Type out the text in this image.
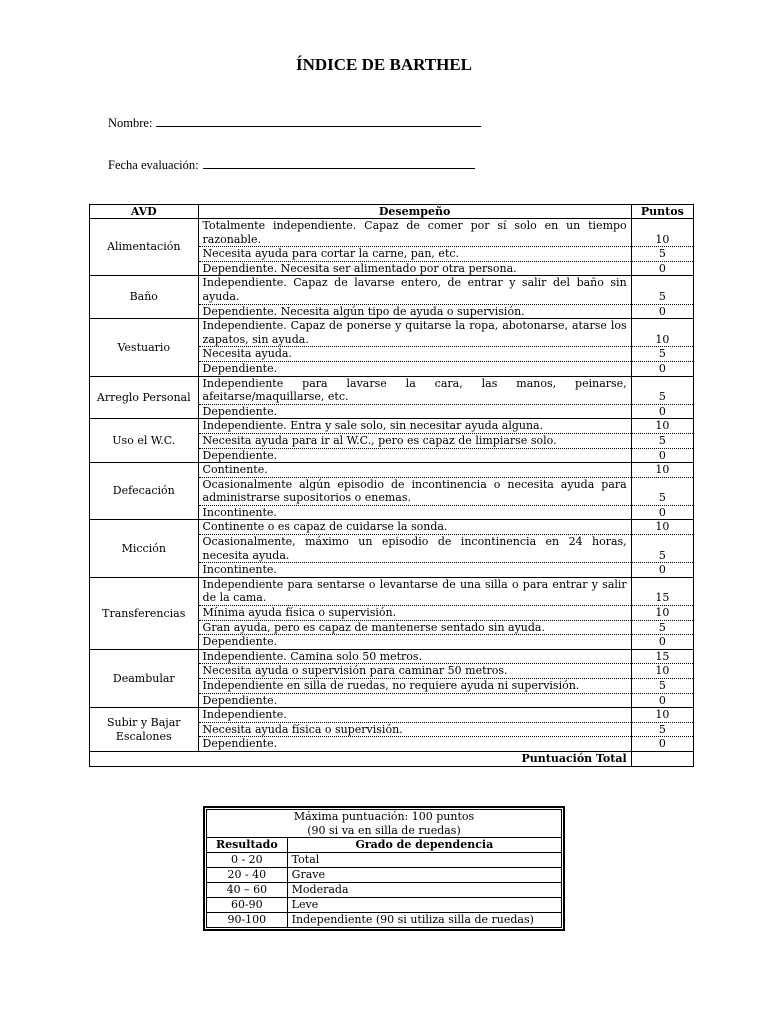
ÍNDICE DE BARTHEL
Nombre:
Fecha evaluación:
AVD	Desempeño	Puntos
Alimentación	Totalmente independiente. Capaz de comer por sí solo en un tiempo razonable.	10
	Necesita ayuda para cortar la carne, pan, etc.	5
	Dependiente. Necesita ser alimentado por otra persona.	0
Baño	Independiente. Capaz de lavarse entero, de entrar y salir del baño sin ayuda.	5
	Dependiente. Necesita algún tipo de ayuda o supervisión.	0
Vestuario	Independiente. Capaz de ponerse y quitarse la ropa, abotonarse, atarse los zapatos, sin ayuda.	10
	Necesita ayuda.	5
	Dependiente.	0
Arreglo Personal	Independiente para lavarse la cara, las manos, peinarse, afeitarse/maquillarse, etc.	5
	Dependiente.	0
Uso el W.C.	Independiente. Entra y sale solo, sin necesitar ayuda alguna.	10
	Necesita ayuda para ir al W.C., pero es capaz de limpiarse solo.	5
	Dependiente.	0
Defecación	Continente.	10
	Ocasionalmente algún episodio de incontinencia o necesita ayuda para administrarse supositorios o enemas.	5
	Incontinente.	0
Micción	Continente o es capaz de cuidarse la sonda.	10
	Ocasionalmente, máximo un episodio de incontinencia en 24 horas, necesita ayuda.	5
	Incontinente.	0
Transferencias	Independiente para sentarse o levantarse de una silla o para entrar y salir de la cama.	15
	Mínima ayuda física o supervisión.	10
	Gran ayuda, pero es capaz de mantenerse sentado sin ayuda.	5
	Dependiente.	0
Deambular	Independiente. Camina solo 50 metros.	15
	Necesita ayuda o supervisión para caminar 50 metros.	10
	Independiente en silla de ruedas, no requiere ayuda ni supervisión.	5
	Dependiente.	0
Subir y Bajar Escalones	Independiente.	10
	Necesita ayuda física o supervisión.	5
	Dependiente.	0
Puntuación Total		
Máxima puntuación: 100 puntos
(90 si va en silla de ruedas)	

Resultado	Grado de dependencia
0 - 20	Total
20 - 40	Grave
40 – 60	Moderada
60-90	Leve
90-100	Independiente (90 si utiliza silla de ruedas)
